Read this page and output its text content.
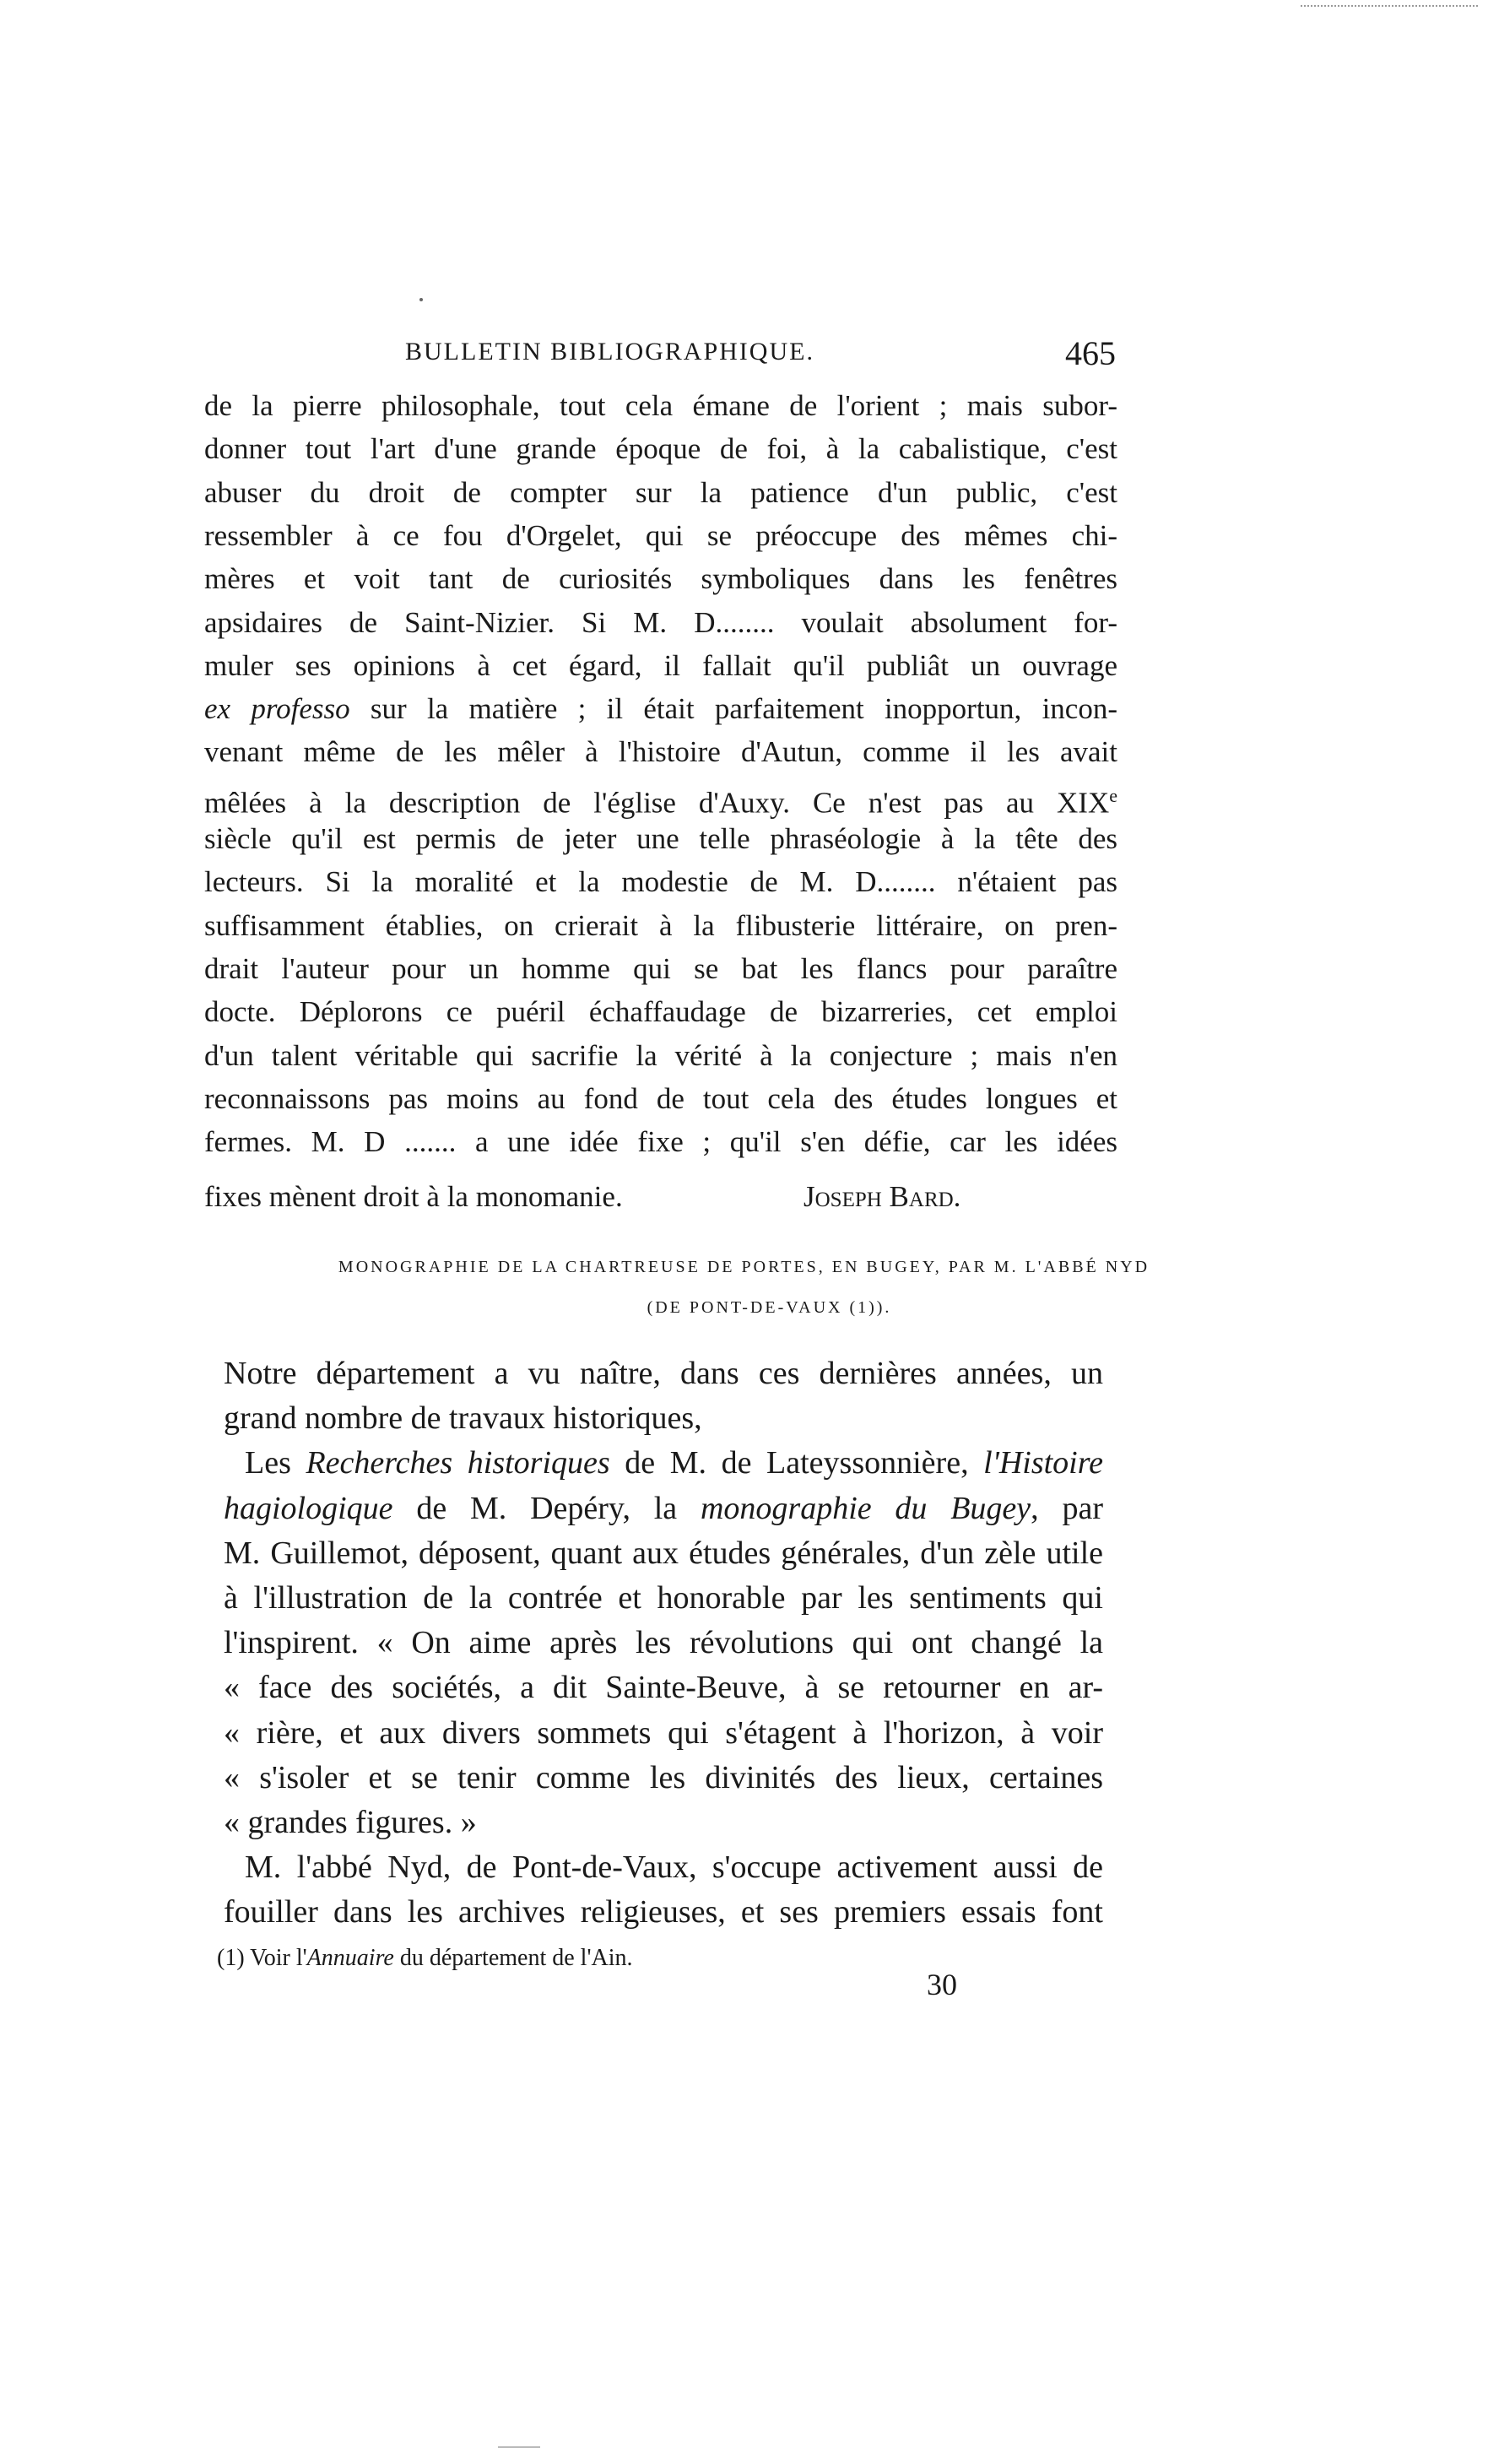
BULLETIN BIBLIOGRAPHIQUE.	465
de la pierre philosophale, tout cela émane de l'orient ; mais subor-
donner tout l'art d'une grande époque de foi, à la cabalistique, c'est
abuser du droit de compter sur la patience d'un public, c'est
ressembler à ce fou d'Orgelet, qui se préoccupe des mêmes chi-
mères et voit tant de curiosités symboliques dans les fenêtres
apsidaires de Saint-Nizier. Si M. D........ voulait absolument for-
muler ses opinions à cet égard, il fallait qu'il publiât un ouvrage
ex professo sur la matière ; il était parfaitement inopportun, incon-
venant même de les mêler à l'histoire d'Autun, comme il les avait
mêlées à la description de l'église d'Auxy. Ce n'est pas au XIXe
siècle qu'il est permis de jeter une telle phraséologie à la tête des
lecteurs. Si la moralité et la modestie de M. D........ n'étaient pas
suffisamment établies, on crierait à la flibusterie littéraire, on pren-
drait l'auteur pour un homme qui se bat les flancs pour paraître
docte. Déplorons ce puéril échaffaudage de bizarreries, cet emploi
d'un talent véritable qui sacrifie la vérité à la conjecture ; mais n'en
reconnaissons pas moins au fond de tout cela des études longues et
fermes. M. D ....... a une idée fixe ; qu'il s'en défie, car les idées
fixes mènent droit à la monomanie.	Joseph Bard.
MONOGRAPHIE DE LA CHARTREUSE DE PORTES, EN BUGEY, PAR M. L'ABBÉ NYD
(DE PONT-DE-VAUX (1)).
Notre département a vu naître, dans ces dernières années, un
grand nombre de travaux historiques,
Les Recherches historiques de M. de Lateyssonnière, l'Histoire
hagiologique de M. Depéry, la monographie du Bugey, par
M. Guillemot, déposent, quant aux études générales, d'un zèle utile
à l'illustration de la contrée et honorable par les sentiments qui
l'inspirent. « On aime après les révolutions qui ont changé la
« face des sociétés, a dit Sainte-Beuve, à se retourner en ar-
« rière, et aux divers sommets qui s'étagent à l'horizon, à voir
« s'isoler et se tenir comme les divinités des lieux, certaines
« grandes figures. »
M. l'abbé Nyd, de Pont-de-Vaux, s'occupe activement aussi de
fouiller dans les archives religieuses, et ses premiers essais font
(1) Voir l'Annuaire du département de l'Ain.
30
